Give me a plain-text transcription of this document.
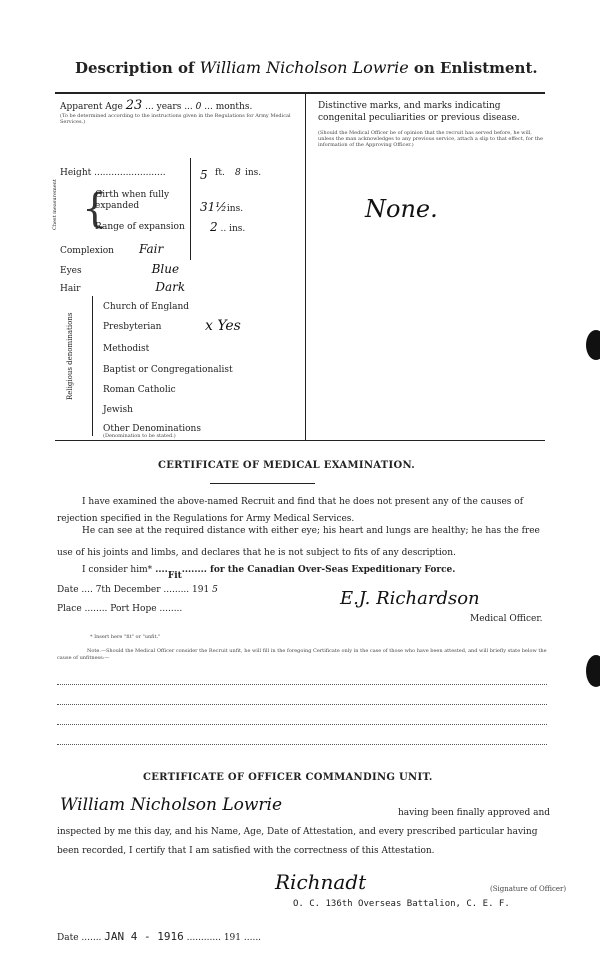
Description of William Nicholson Lowrie on Enlistment.
Apparent Age 23 ... years ... 0 ... months.
(To be determined according to the instructions given in the Regulations for Army Medical Services.)
Height .........................	5 ft. 8 ins.
Chest measurement {
Girth when fully expanded	31½ins.
Range of expansion 2 .. ins.
Complexion Fair
Eyes	Blue
Hair	Dark
Religious denominations
Church of England
Presbyterian	x Yes
Methodist
Baptist or Congregationalist
Roman Catholic
Jewish
Other Denominations
(Denomination to be stated.)
Distinctive marks, and marks indicating congenital peculiarities or previous disease.
(Should the Medical Officer be of opinion that the recruit has served before, he will, unless the man acknowledges to any previous service, attach a slip to that effect, for the information of the Approving Officer.)
None.
CERTIFICATE OF MEDICAL EXAMINATION.
I have examined the above-named Recruit and find that he does not present any of the causes of rejection specified in the Regulations for Army Medical Services.
He can see at the required distance with either eye; his heart and lungs are healthy; he has the free use of his joints and limbs, and declares that he is not subject to fits of any description.
I consider him* ....Fit........ for the Canadian Over-Seas Expeditionary Force.
Date .... 7th December ......... 191 5
Place ........ Port Hope ........	E.J. Richardson
Medical Officer.
* Insert here "fit" or "unfit."
Note.—Should the Medical Officer consider the Recruit unfit, he will fill in the foregoing Certificate only in the case of those who have been attested, and will briefly state below the cause of unfitness:—
CERTIFICATE OF OFFICER COMMANDING UNIT.
William Nicholson Lowrie	having been finally approved and
inspected by me this day, and his Name, Age, Date of Attestation, and every prescribed particular having
been recorded, I certify that I am satisfied with the correctness of this Attestation.
Richnadt	(Signature of Officer)
O. C. 136th Overseas Battalion, C. E. F.
Date ....... JAN 4 - 1916 ............ 191 ......
